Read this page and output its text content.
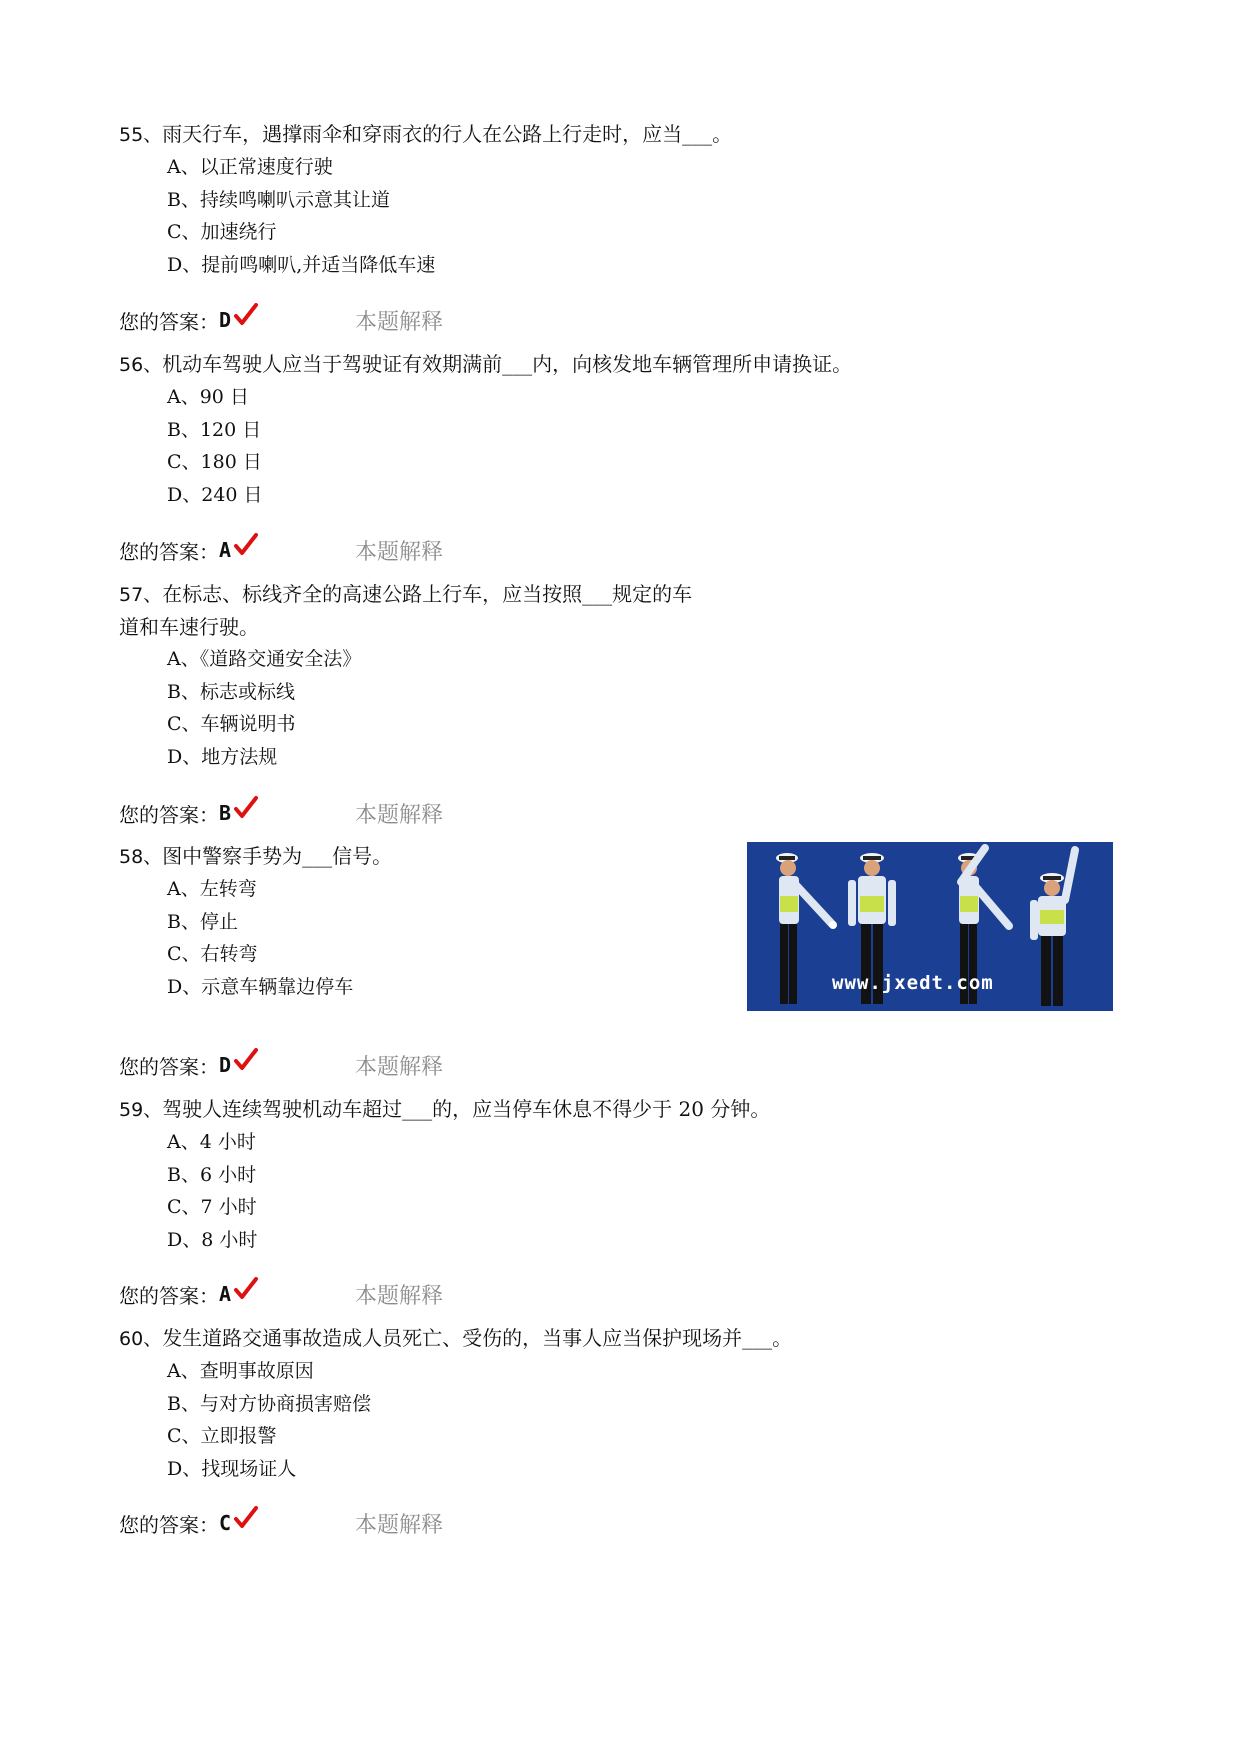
55、雨天行车，遇撑雨伞和穿雨衣的行人在公路上行走时，应当___。

A、以正常速度行驶
B、持续鸣喇叭示意其让道
C、加速绕行
D、提前鸣喇叭,并适当降低车速
您的答案： D	本题解释

56、机动车驾驶人应当于驾驶证有效期满前___内，向核发地车辆管理所申请换证。

A、90 日
B、120 日
C、180 日
D、240 日
您的答案： A	本题解释

57、在标志、标线齐全的高速公路上行车，应当按照___规定的车
道和车速行驶。

A、《道路交通安全法》
B、标志或标线
C、车辆说明书
D、地方法规
您的答案： B	本题解释

58、图中警察手势为___信号。

A、左转弯
B、停止
C、右转弯
D、示意车辆靠边停车	www.jxedt.com
您的答案： D	本题解释

59、驾驶人连续驾驶机动车超过___的，应当停车休息不得少于 20 分钟。

A、4 小时
B、6 小时
C、7 小时
D、8 小时
您的答案： A	本题解释

60、发生道路交通事故造成人员死亡、受伤的，当事人应当保护现场并___。

A、查明事故原因
B、与对方协商损害赔偿
C、立即报警
D、找现场证人
您的答案： C	本题解释
